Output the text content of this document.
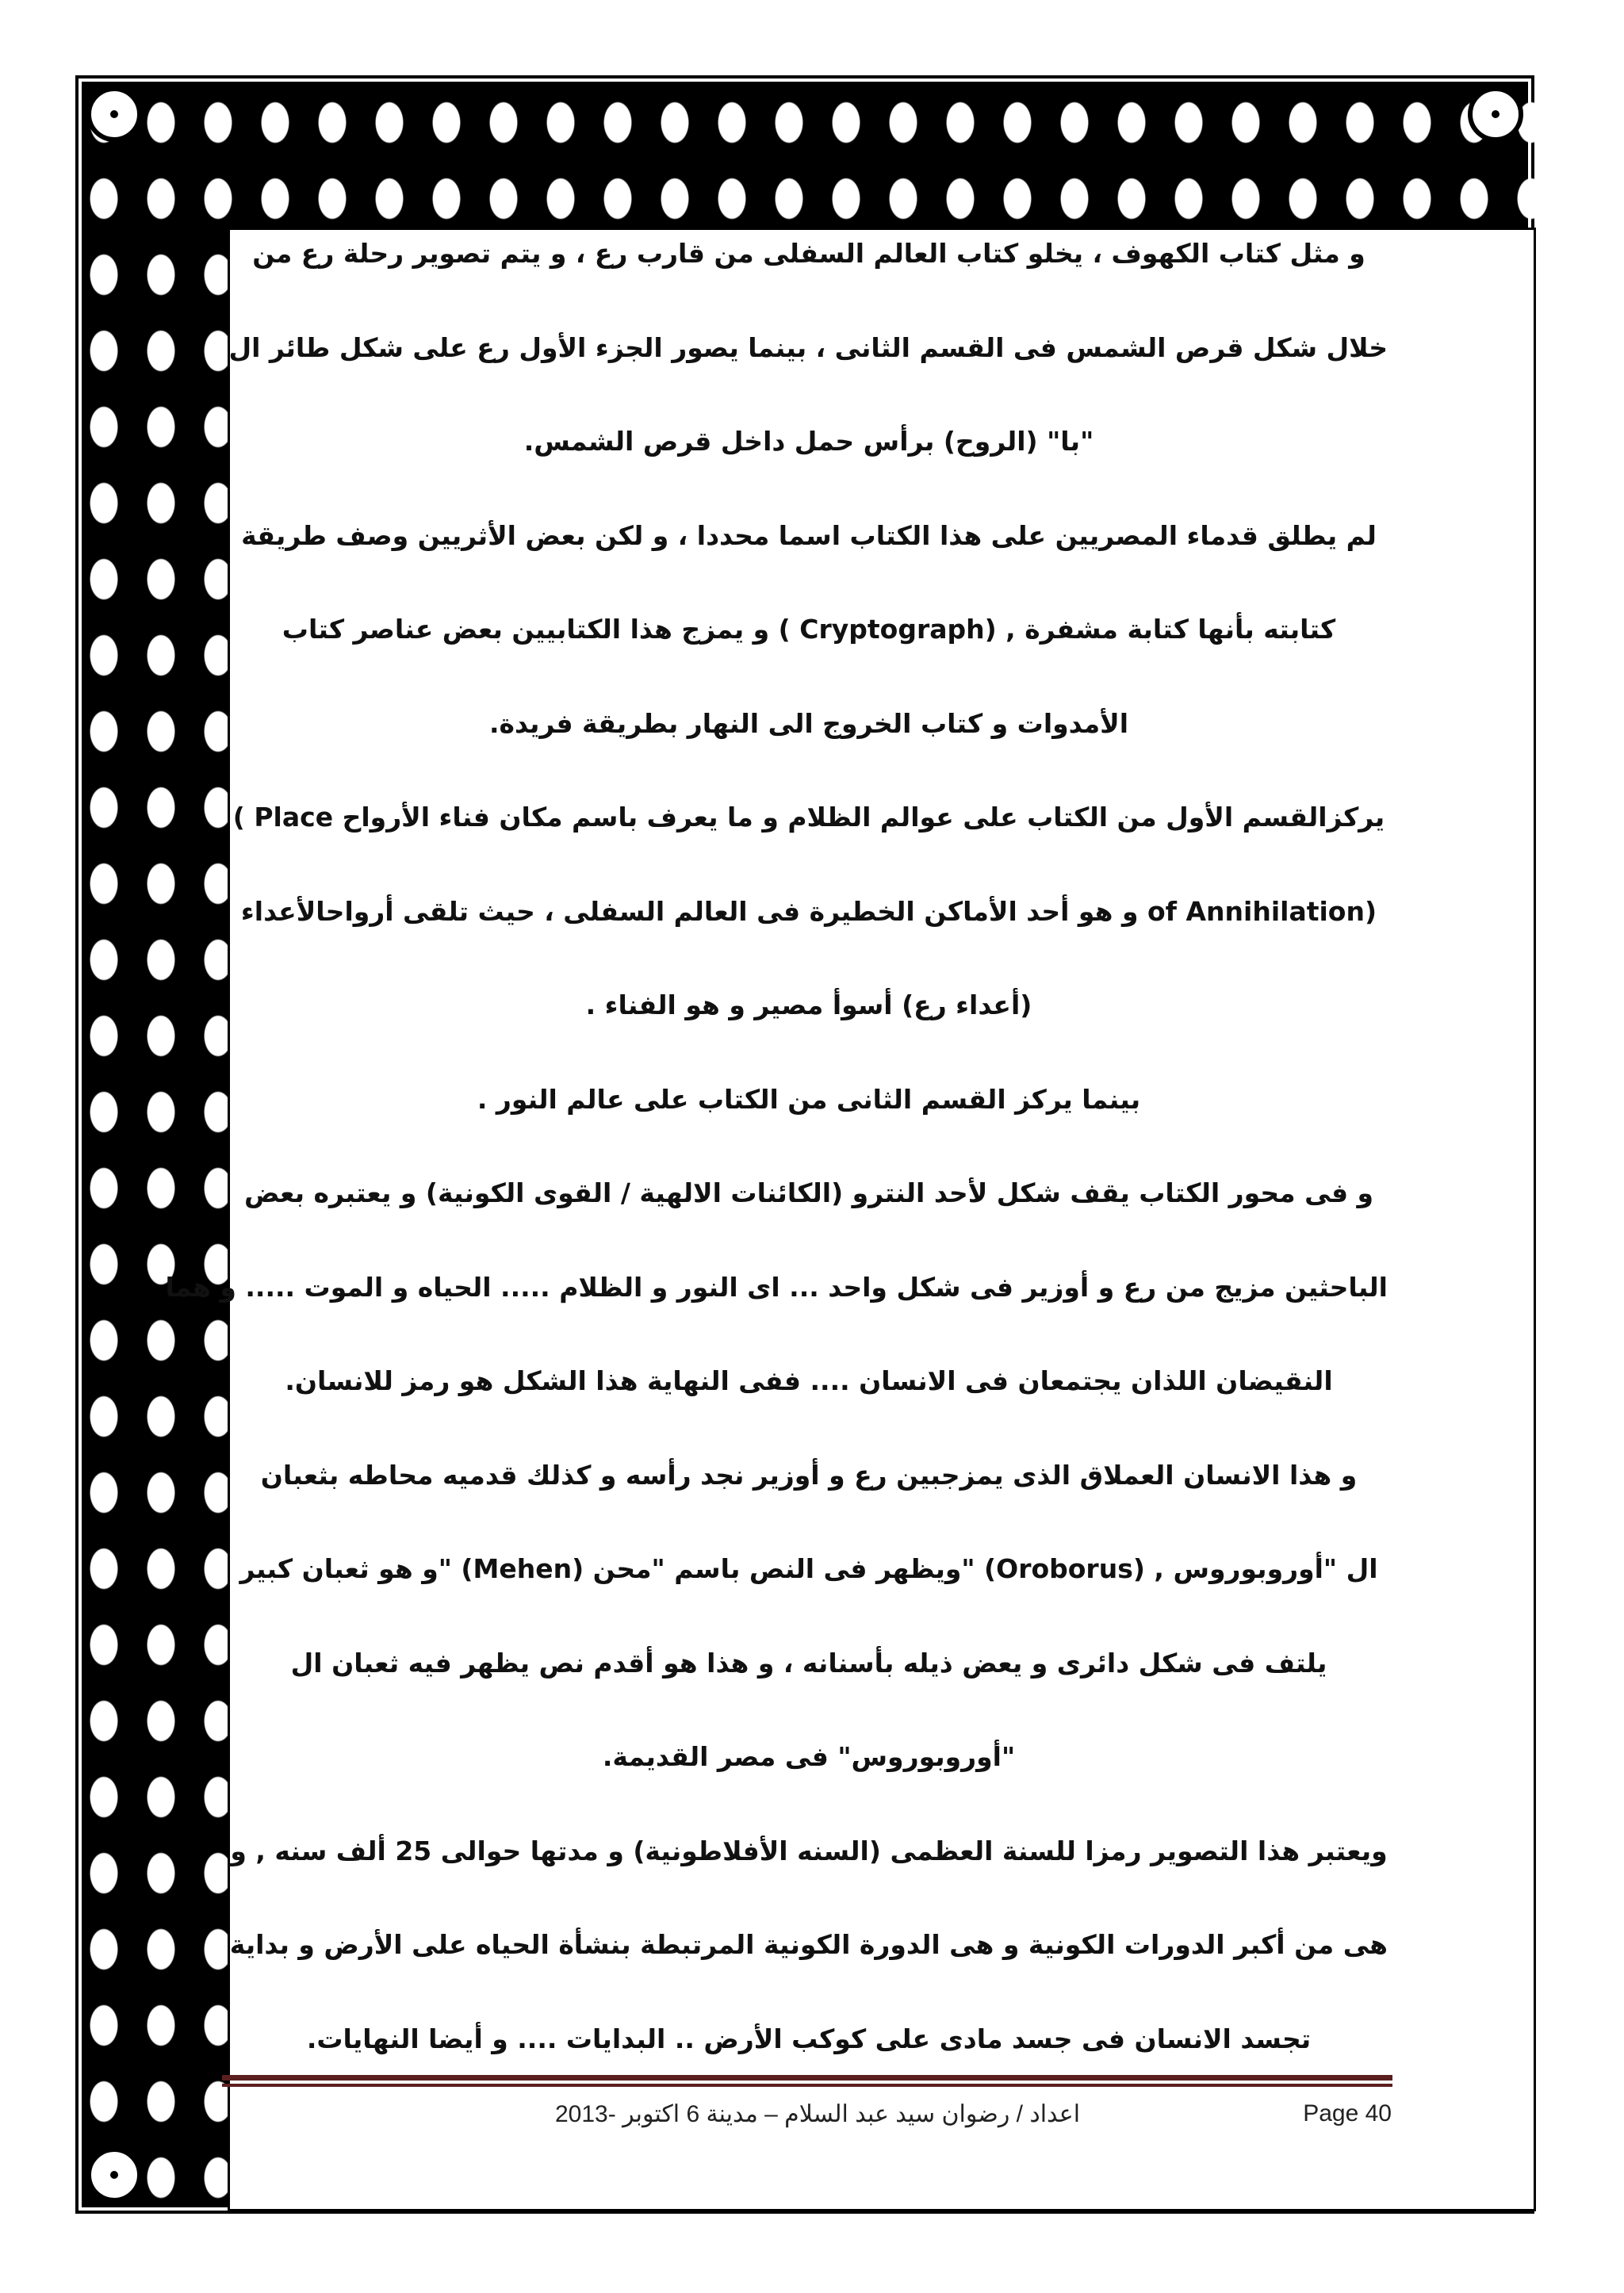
و مثل كتاب الكهوف ، يخلو كتاب العالم السفلى من قارب رع ، و يتم تصوير رحلة رع من
خلال شكل قرص الشمس فى القسم الثانى ، بينما يصور الجزء الأول رع على شكل طائر ال
"با" (الروح) برأس حمل داخل قرص الشمس.
لم يطلق قدماء المصريين على هذا الكتاب اسما محددا ، و لكن بعض الأثريين وصف طريقة
كتابته بأنها كتابة مشفرة , (Cryptograph ) و يمزج هذا الكتابيين بعض عناصر كتاب
الأمدوات و كتاب الخروج الى النهار بطريقة فريدة.
يركزالقسم الأول من الكتاب على عوالم الظلام و ما يعرف باسم مكان فناء الأرواح Place )
(of Annihilation و هو أحد الأماكن الخطيرة فى العالم السفلى ، حيث تلقى أرواحالأعداء
(أعداء رع) أسوأ مصير و هو الفناء .
بينما يركز القسم الثانى من الكتاب على عالم النور .
و فى محور الكتاب يقف شكل لأحد النترو (الكائنات الالهية / القوى الكونية) و يعتبره بعض
الباحثين مزيج من رع و أوزير فى شكل واحد ... اى النور و الظلام ..... الحياه و الموت ..... و هما
النقيضان اللذان يجتمعان فى الانسان .... ففى النهاية هذا الشكل هو رمز للانسان.
و هذا الانسان العملاق الذى يمزجبين رع و أوزير نجد رأسه و كذلك قدميه محاطه بثعبان
ال "أوروبوروس , (Oroborus) "ويظهر فى النص باسم "محن (Mehen) "و هو ثعبان كبير
يلتف فى شكل دائرى و يعض ذيله بأسنانه ، و هذا هو أقدم نص يظهر فيه ثعبان ال
"أوروبوروس" فى مصر القديمة.
ويعتبر هذا التصوير رمزا للسنة العظمى (السنه الأفلاطونية) و مدتها حوالى 25 ألف سنه , و
هى من أكبر الدورات الكونية و هى الدورة الكونية المرتبطة بنشأة الحياه على الأرض و بداية
تجسد الانسان فى جسد مادى على كوكب الأرض .. البدايات .... و أيضا النهايات.
اعداد / رضوان سيد عبد السلام – مدينة 6 اكتوبر -2013	Page 40
